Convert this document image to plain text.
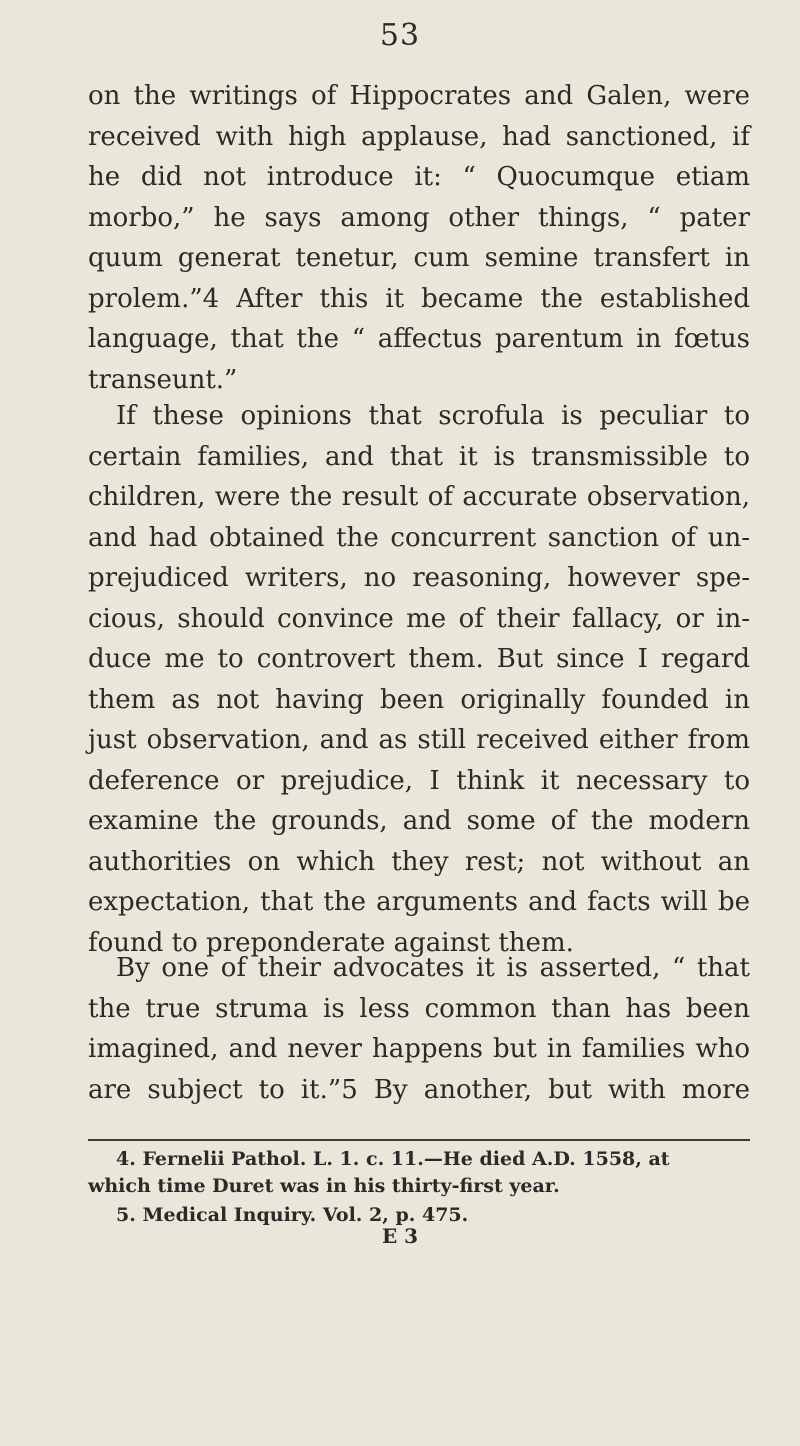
53
on the writings of Hippocrates and Galen, were
received with high applause, had sanctioned, if
he did not introduce it: “ Quocumque etiam
morbo,” he says among other things, “ pater
quum generat tenetur, cum semine transfert in
prolem.”4 After this it became the established
language, that the “ affectus parentum in fœtus
transeunt.”
If these opinions that scrofula is peculiar to
certain families, and that it is transmissible to
children, were the result of accurate observation,
and had obtained the concurrent sanction of un-
prejudiced writers, no reasoning, however spe-
cious, should convince me of their fallacy, or in-
duce me to controvert them. But since I regard
them as not having been originally founded in
just observation, and as still received either from
deference or prejudice, I think it necessary to
examine the grounds, and some of the modern
authorities on which they rest; not without an
expectation, that the arguments and facts will be
found to preponderate against them.
By one of their advocates it is asserted, “ that
the true struma is less common than has been
imagined, and never happens but in families who
are subject to it.”5 By another, but with more
4. Fernelii Pathol. L. 1. c. 11.—He died A.D. 1558, at
which time Duret was in his thirty-first year.
5. Medical Inquiry. Vol. 2, p. 475.
E 3
